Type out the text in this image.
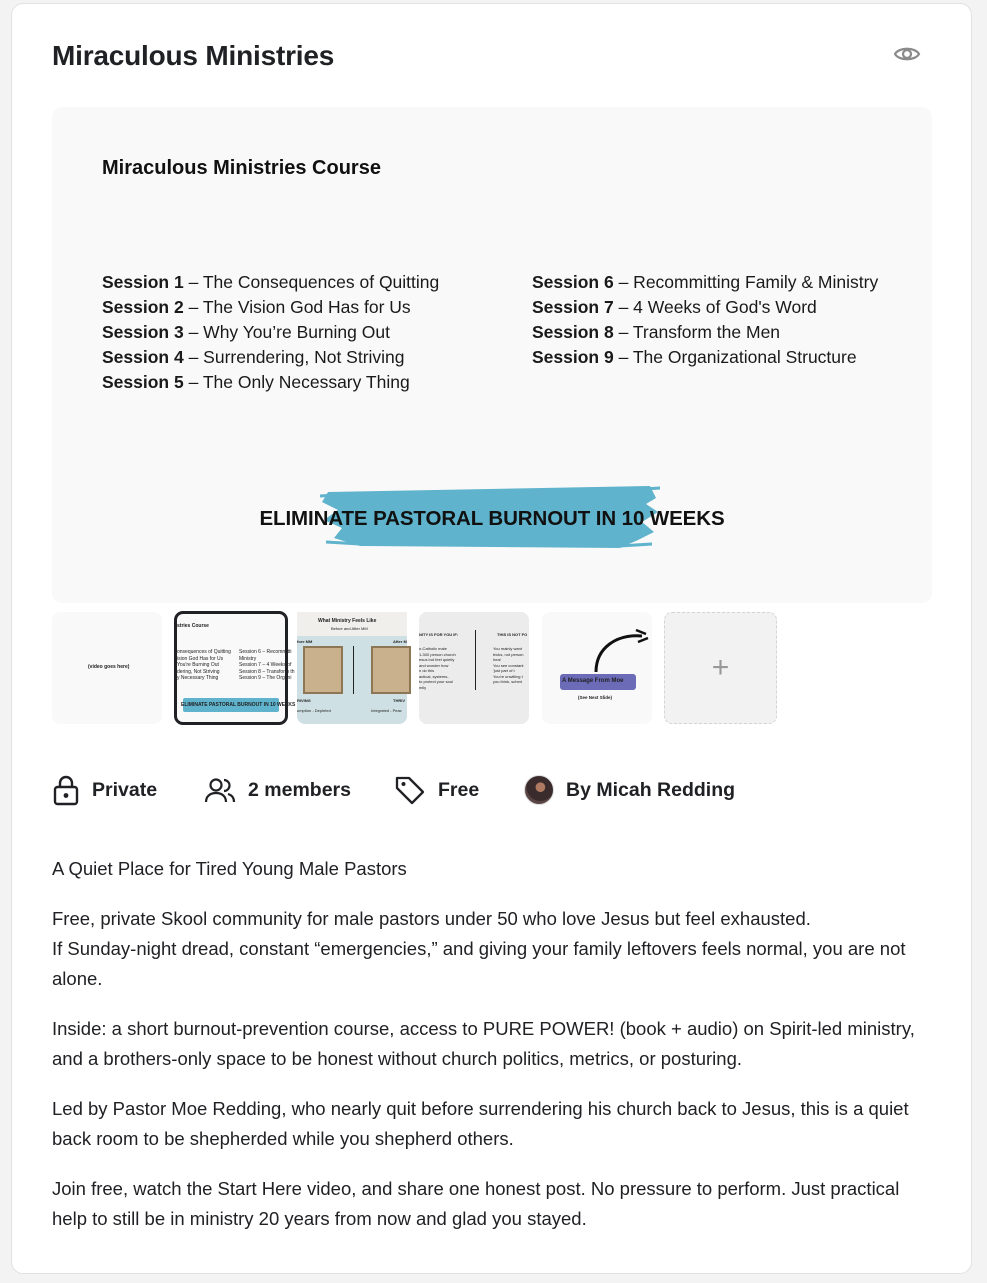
Miraculous Ministries
Miraculous Ministries Course
Session 1 – The Consequences of Quitting
Session 2 – The Vision God Has for Us
Session 3 – Why You’re Burning Out
Session 4 – Surrendering, Not Striving
Session 5 – The Only Necessary Thing
Session 6 – Recommitting Family & Ministry
Session 7 – 4 Weeks of God's Word
Session 8 – Transform the Men
Session 9 – The Organizational Structure
ELIMINATE PASTORAL BURNOUT IN 10 WEEKS
(video goes here)
stries Course
onsequences of Quitting
ision God Has for Us
You're Burning Out
dering, Not Striving
y Necessary Thing
Session 6 – Recommitti
Ministry
Session 7 – 4 Weeks of
Session 8 – Transform th
Session 9 – The Organi
ELIMINATE PASTORAL BURNOUT IN 10 WEEKS
What Ministry Feels Like
Before and After MM
fore MM	After M
RIVING	THRIV
umption - Depleted	Integrated - Peac
NITY IS FOR YOU IF:	THIS IS NOT FO
n-Catholic male
1-300 person church
esus but feel quietly
and wonder how
n do this
actical, systems-
to protect your soul
mily
You mainly want
tricks, not person
heal
You see constant
'just part of t
You're unwilling t
you think, sched	A Message From Moe
(See Next Slide)
+
Private	2 members	Free	By Micah Redding

A Quiet Place for Tired Young Male Pastors

Free, private Skool community for male pastors under 50 who love Jesus but feel exhausted.
If Sunday-night dread, constant “emergencies,” and giving your family leftovers feels normal, you are not alone.

Inside: a short burnout-prevention course, access to PURE POWER! (book + audio) on Spirit-led ministry, and a brothers-only space to be honest without church politics, metrics, or posturing.

Led by Pastor Moe Redding, who nearly quit before surrendering his church back to Jesus, this is a quiet back room to be shepherded while you shepherd others.

Join free, watch the Start Here video, and share one honest post. No pressure to perform. Just practical help to still be in ministry 20 years from now and glad you stayed.
